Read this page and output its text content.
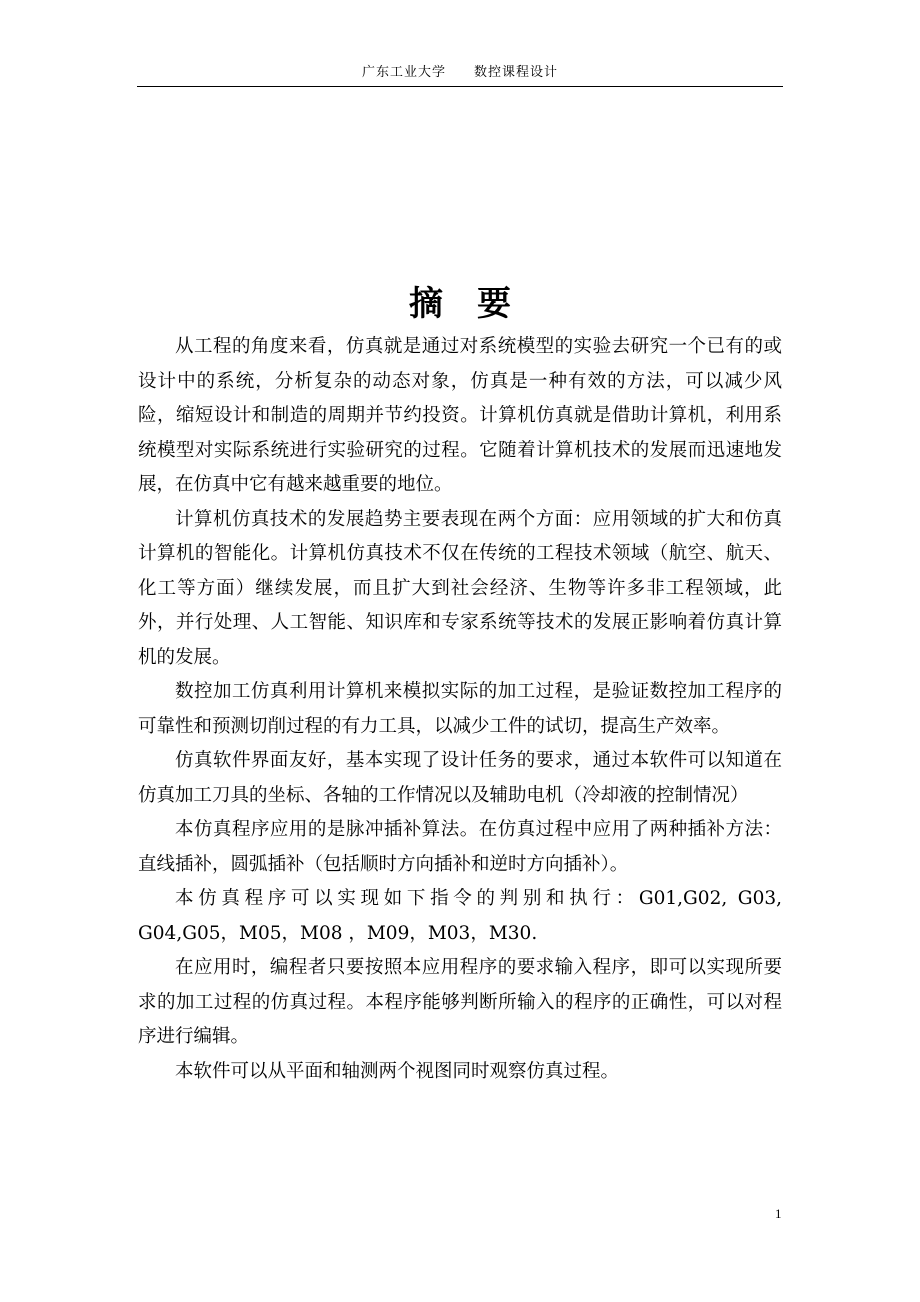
广东工业大学 数控课程设计
摘 要

从工程的角度来看，仿真就是通过对系统模型的实验去研究一个已有的或设计中的系统，分析复杂的动态对象，仿真是一种有效的方法，可以减少风险，缩短设计和制造的周期并节约投资。计算机仿真就是借助计算机，利用系统模型对实际系统进行实验研究的过程。它随着计算机技术的发展而迅速地发展，在仿真中它有越来越重要的地位。

计算机仿真技术的发展趋势主要表现在两个方面：应用领域的扩大和仿真计算机的智能化。计算机仿真技术不仅在传统的工程技术领域（航空、航天、化工等方面）继续发展，而且扩大到社会经济、生物等许多非工程领域，此外，并行处理、人工智能、知识库和专家系统等技术的发展正影响着仿真计算机的发展。

数控加工仿真利用计算机来模拟实际的加工过程，是验证数控加工程序的可靠性和预测切削过程的有力工具，以减少工件的试切，提高生产效率。

仿真软件界面友好，基本实现了设计任务的要求，通过本软件可以知道在仿真加工刀具的坐标、各轴的工作情况以及辅助电机（冷却液的控制情况）

本仿真程序应用的是脉冲插补算法。在仿真过程中应用了两种插补方法：直线插补，圆弧插补（包括顺时方向插补和逆时方向插补）。

本仿真程序可以实现如下指令的判别和执行：G01,G02, G03, G04,G05，M05，M08 ，M09，M03，M30.

在应用时，编程者只要按照本应用程序的要求输入程序，即可以实现所要求的加工过程的仿真过程。本程序能够判断所输入的程序的正确性，可以对程序进行编辑。

本软件可以从平面和轴测两个视图同时观察仿真过程。

1
